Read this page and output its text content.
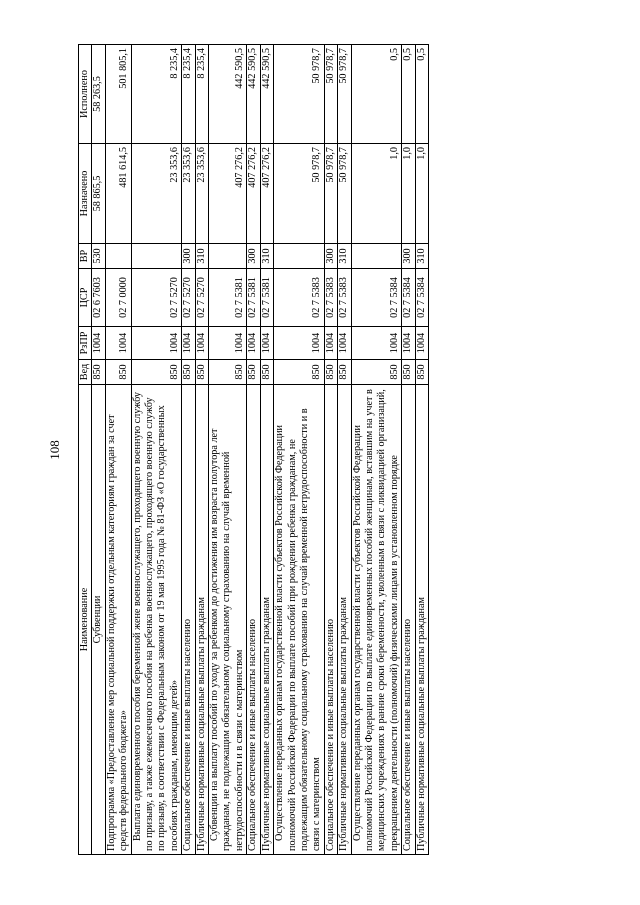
108
Наименование	Вед	РзПР	ЦСР	ВР	Назначено	Исполнено
Субвенции	850	1004	02 6 7603	530	58 865,5	58 263,5
Подпрограмма «Предоставление мер социальной поддержки отдельным категориям граждан за счет средств федерального бюджета»	850	1004	02 7 0000		481 614,5	501 805,1
Выплата единовременного пособия беременной жене военнослужащего, проходящего военную службу по призыву, а также ежемесячного пособия на ребенка военнослужащего, проходящего военную службу по призыву, в соответствии с Федеральным законом от 19 мая 1995 года № 81-ФЗ «О государственных пособиях гражданам, имеющим детей»	850	1004	02 7 5270		23 353,6	8 235,4
Социальное обеспечение и иные выплаты населению	850	1004	02 7 5270	300	23 353,6	8 235,4
Публичные нормативные социальные выплаты гражданам	850	1004	02 7 5270	310	23 353,6	8 235,4
Субвенции на выплату пособий по уходу за ребенком до достижения им возраста полутора лет гражданам, не подлежащим обязательному социальному страхованию на случай временной нетрудоспособности и в связи с материнством	850	1004	02 7 5381		407 276,2	442 590,5
Социальное обеспечение и иные выплаты населению	850	1004	02 7 5381	300	407 276,2	442 590,5
Публичные нормативные социальные выплаты гражданам	850	1004	02 7 5381	310	407 276,2	442 590,5
Осуществление переданных органам государственной власти субъектов Российской Федерации полномочий Российской Федерации по выплате пособий при рождении ребенка гражданам, не подлежащим обязательному социальному страхованию на случай временной нетрудоспособности и в связи с материнством	850	1004	02 7 5383		50 978,7	50 978,7
Социальное обеспечение и иные выплаты населению	850	1004	02 7 5383	300	50 978,7	50 978,7
Публичные нормативные социальные выплаты гражданам	850	1004	02 7 5383	310	50 978,7	50 978,7
Осуществление переданных органам государственной власти субъектов Российской Федерации полномочий Российской Федерации по выплате единовременных пособий женщинам, вставшим на учет в медицинских учреждениях в ранние сроки беременности, уволенным в связи с ликвидацией организаций, прекращением деятельности (полномочий) физическими лицами в установленном порядке	850	1004	02 7 5384		1,0	0,5
Социальное обеспечение и иные выплаты населению	850	1004	02 7 5384	300	1,0	0,5
Публичные нормативные социальные выплаты гражданам	850	1004	02 7 5384	310	1,0	0,5
